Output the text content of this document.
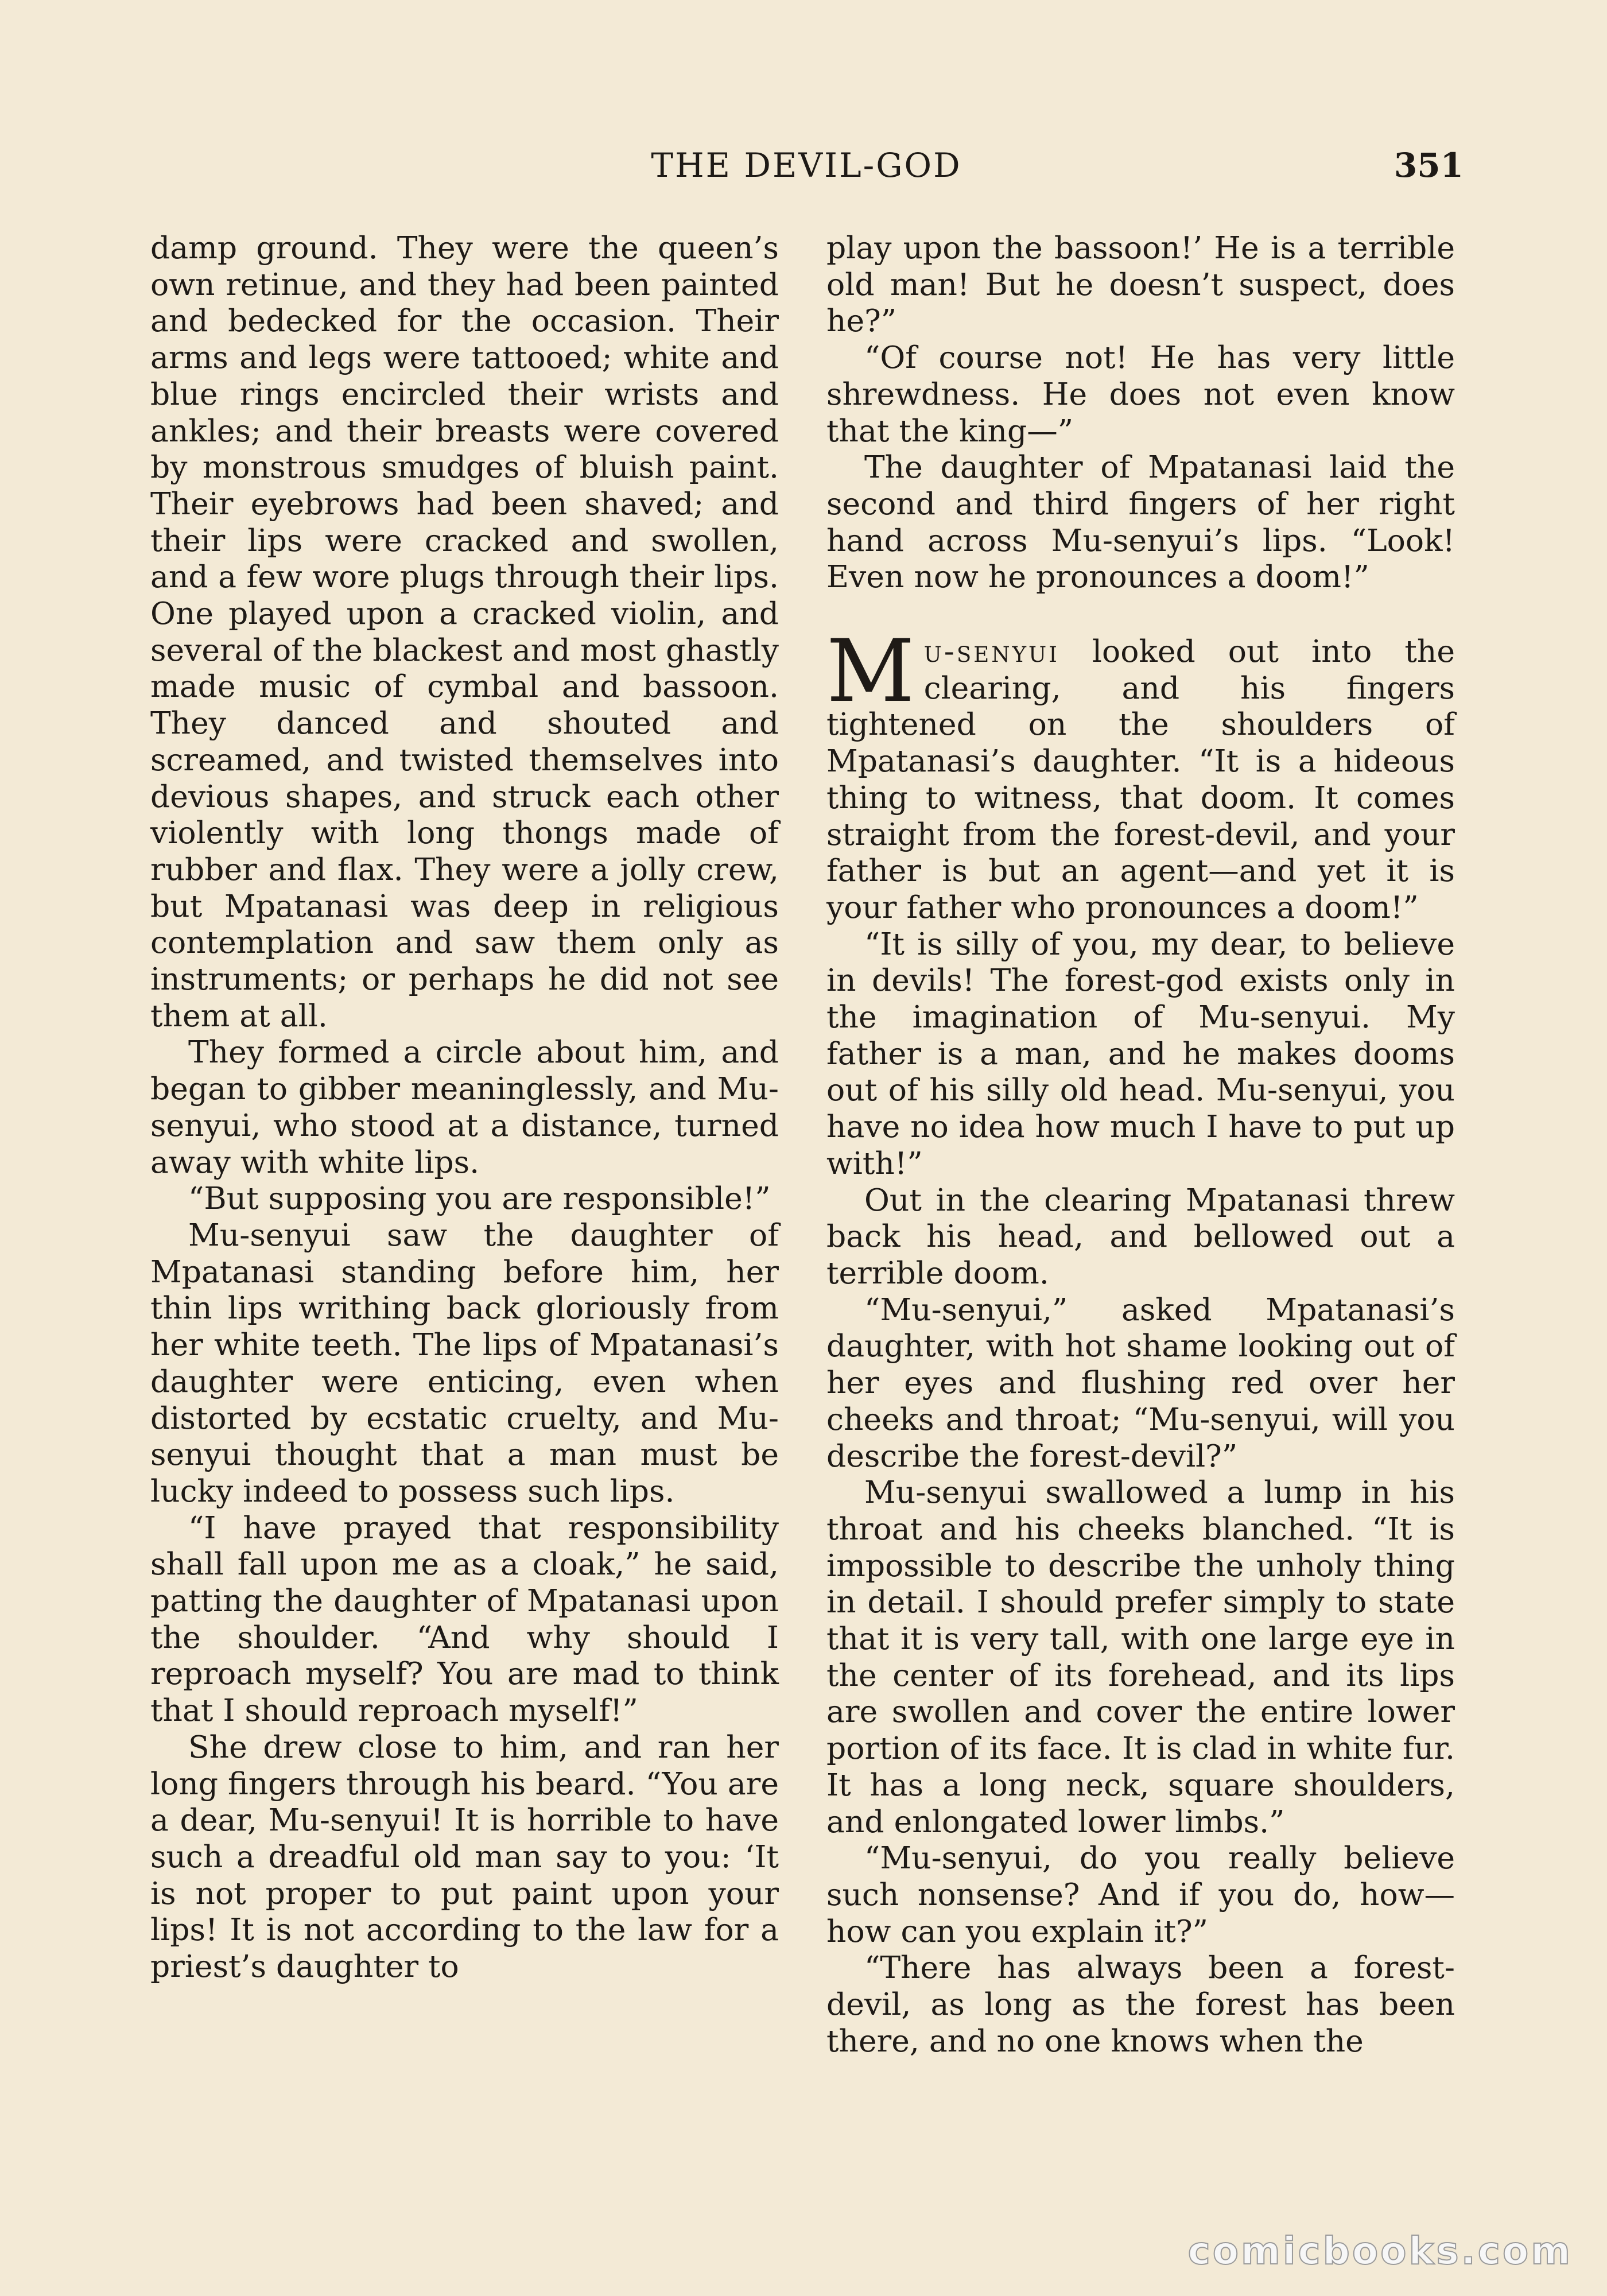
THE DEVIL-GOD	351

damp ground. They were the queen’s own retinue, and they had been painted and bedecked for the occasion. Their arms and legs were tattooed; white and blue rings encircled their wrists and ankles; and their breasts were covered by monstrous smudges of bluish paint. Their eyebrows had been shaved; and their lips were cracked and swollen, and a few wore plugs through their lips. One played upon a cracked violin, and several of the blackest and most ghastly made music of cymbal and bassoon. They danced and shouted and screamed, and twisted themselves into devious shapes, and struck each other violently with long thongs made of rubber and flax. They were a jolly crew, but Mpatanasi was deep in religious contemplation and saw them only as instruments; or perhaps he did not see them at all.

They formed a circle about him, and began to gibber meaninglessly, and Mu-senyui, who stood at a distance, turned away with white lips.

“But supposing you are responsible!”

Mu-senyui saw the daughter of Mpatanasi standing before him, her thin lips writhing back gloriously from her white teeth. The lips of Mpatanasi’s daughter were enticing, even when distorted by ecstatic cruelty, and Mu-senyui thought that a man must be lucky indeed to possess such lips.

“I have prayed that responsibility shall fall upon me as a cloak,” he said, patting the daughter of Mpatanasi upon the shoulder. “And why should I reproach myself? You are mad to think that I should reproach myself!”

She drew close to him, and ran her long fingers through his beard. “You are a dear, Mu-senyui! It is horrible to have such a dreadful old man say to you: ‘It is not proper to put paint upon your lips! It is not according to the law for a priest’s daughter to

play upon the bassoon!’ He is a terrible old man! But he doesn’t suspect, does he?”

“Of course not! He has very little shrewdness. He does not even know that the king—”

The daughter of Mpatanasi laid the second and third fingers of her right hand across Mu-senyui’s lips. “Look! Even now he pronounces a doom!”

Mu-senyui looked out into the clearing, and his fingers tightened on the shoulders of Mpatanasi’s daughter. “It is a hideous thing to witness, that doom. It comes straight from the forest-devil, and your father is but an agent—and yet it is your father who pronounces a doom!”

“It is silly of you, my dear, to believe in devils! The forest-god exists only in the imagination of Mu-senyui. My father is a man, and he makes dooms out of his silly old head. Mu-senyui, you have no idea how much I have to put up with!”

Out in the clearing Mpatanasi threw back his head, and bellowed out a terrible doom.

“Mu-senyui,” asked Mpatanasi’s daughter, with hot shame looking out of her eyes and flushing red over her cheeks and throat; “Mu-senyui, will you describe the forest-devil?”

Mu-senyui swallowed a lump in his throat and his cheeks blanched. “It is impossible to describe the unholy thing in detail. I should prefer simply to state that it is very tall, with one large eye in the center of its forehead, and its lips are swollen and cover the entire lower portion of its face. It is clad in white fur. It has a long neck, square shoulders, and enlongated lower limbs.”

“Mu-senyui, do you really believe such nonsense? And if you do, how—how can you explain it?”

“There has always been a forest-devil, as long as the forest has been there, and no one knows when the

comicbooks.com
